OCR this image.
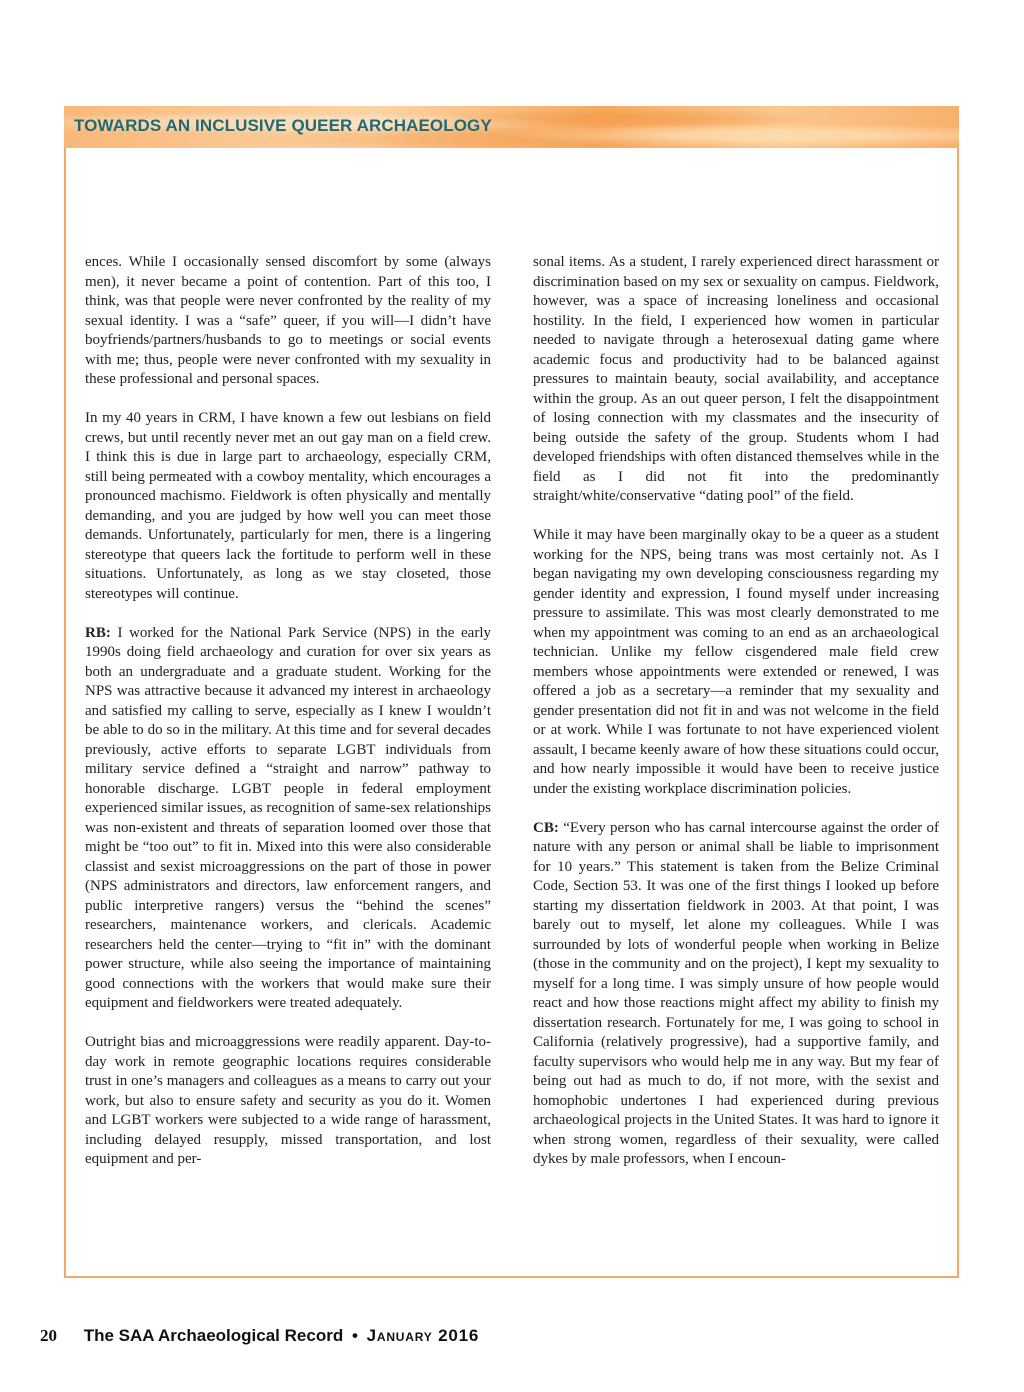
TOWARDS AN INCLUSIVE QUEER ARCHAEOLOGY

ences. While I occasionally sensed discomfort by some (always men), it never became a point of contention. Part of this too, I think, was that people were never confronted by the reality of my sexual identity. I was a “safe” queer, if you will—I didn’t have boyfriends/partners/husbands to go to meetings or social events with me; thus, people were never confronted with my sexuality in these professional and personal spaces.

In my 40 years in CRM, I have known a few out lesbians on field crews, but until recently never met an out gay man on a field crew. I think this is due in large part to archaeology, especially CRM, still being permeated with a cowboy mentality, which encourages a pronounced machismo. Fieldwork is often physically and mentally demanding, and you are judged by how well you can meet those demands. Unfortunately, particularly for men, there is a lingering stereotype that queers lack the fortitude to perform well in these situations. Unfortunately, as long as we stay closeted, those stereotypes will continue.

RB: I worked for the National Park Service (NPS) in the early 1990s doing field archaeology and curation for over six years as both an undergraduate and a graduate student. Working for the NPS was attractive because it advanced my interest in archaeology and satisfied my calling to serve, especially as I knew I wouldn’t be able to do so in the military. At this time and for several decades previously, active efforts to separate LGBT individuals from military service defined a “straight and narrow” pathway to honorable discharge. LGBT people in federal employment experienced similar issues, as recognition of same-sex relationships was non-existent and threats of separation loomed over those that might be “too out” to fit in. Mixed into this were also considerable classist and sexist microaggressions on the part of those in power (NPS administrators and directors, law enforcement rangers, and public interpretive rangers) versus the “behind the scenes” researchers, maintenance workers, and clericals. Academic researchers held the center—trying to “fit in” with the dominant power structure, while also seeing the importance of maintaining good connections with the workers that would make sure their equipment and fieldworkers were treated adequately.

Outright bias and microaggressions were readily apparent. Day-to-day work in remote geographic locations requires considerable trust in one’s managers and colleagues as a means to carry out your work, but also to ensure safety and security as you do it. Women and LGBT workers were subjected to a wide range of harassment, including delayed resupply, missed transportation, and lost equipment and per-

sonal items. As a student, I rarely experienced direct harassment or discrimination based on my sex or sexuality on campus. Fieldwork, however, was a space of increasing loneliness and occasional hostility. In the field, I experienced how women in particular needed to navigate through a heterosexual dating game where academic focus and productivity had to be balanced against pressures to maintain beauty, social availability, and acceptance within the group. As an out queer person, I felt the disappointment of losing connection with my classmates and the insecurity of being outside the safety of the group. Students whom I had developed friendships with often distanced themselves while in the field as I did not fit into the predominantly straight/white/conservative “dating pool” of the field.

While it may have been marginally okay to be a queer as a student working for the NPS, being trans was most certainly not. As I began navigating my own developing consciousness regarding my gender identity and expression, I found myself under increasing pressure to assimilate. This was most clearly demonstrated to me when my appointment was coming to an end as an archaeological technician. Unlike my fellow cisgendered male field crew members whose appointments were extended or renewed, I was offered a job as a secretary—a reminder that my sexuality and gender presentation did not fit in and was not welcome in the field or at work. While I was fortunate to not have experienced violent assault, I became keenly aware of how these situations could occur, and how nearly impossible it would have been to receive justice under the existing workplace discrimination policies.

CB: “Every person who has carnal intercourse against the order of nature with any person or animal shall be liable to imprisonment for 10 years.” This statement is taken from the Belize Criminal Code, Section 53. It was one of the first things I looked up before starting my dissertation fieldwork in 2003. At that point, I was barely out to myself, let alone my colleagues. While I was surrounded by lots of wonderful people when working in Belize (those in the community and on the project), I kept my sexuality to myself for a long time. I was simply unsure of how people would react and how those reactions might affect my ability to finish my dissertation research. Fortunately for me, I was going to school in California (relatively progressive), had a supportive family, and faculty supervisors who would help me in any way. But my fear of being out had as much to do, if not more, with the sexist and homophobic undertones I had experienced during previous archaeological projects in the United States. It was hard to ignore it when strong women, regardless of their sexuality, were called dykes by male professors, when I encoun-

20 The SAA Archaeological Record • January 2016
